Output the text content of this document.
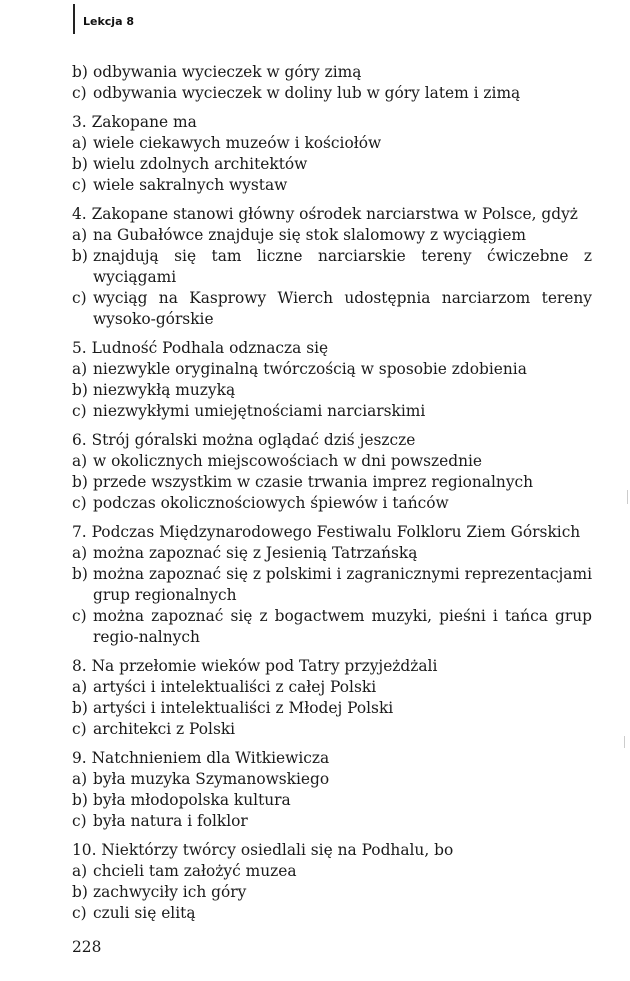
Lekcja 8
b) odbywania wycieczek w góry zimą
c) odbywania wycieczek w doliny lub w góry latem i zimą
3. Zakopane ma
a) wiele ciekawych muzeów i kościołów
b) wielu zdolnych architektów
c) wiele sakralnych wystaw
4. Zakopane stanowi główny ośrodek narciarstwa w Polsce, gdyż
a) na Gubałówce znajduje się stok slalomowy z wyciągiem
b) znajdują się tam liczne narciarskie tereny ćwiczebne z wyciągami
c) wyciąg na Kasprowy Wierch udostępnia narciarzom tereny wysoko-górskie
5. Ludność Podhala odznacza się
a) niezwykle oryginalną twórczością w sposobie zdobienia
b) niezwykłą muzyką
c) niezwykłymi umiejętnościami narciarskimi
6. Strój góralski można oglądać dziś jeszcze
a) w okolicznych miejscowościach w dni powszednie
b) przede wszystkim w czasie trwania imprez regionalnych
c) podczas okolicznościowych śpiewów i tańców
7. Podczas Międzynarodowego Festiwalu Folkloru Ziem Górskich
a) można zapoznać się z Jesienią Tatrzańską
b) można zapoznać się z polskimi i zagranicznymi reprezentacjami grup regionalnych
c) można zapoznać się z bogactwem muzyki, pieśni i tańca grup regio-nalnych
8. Na przełomie wieków pod Tatry przyjeżdżali
a) artyści i intelektualiści z całej Polski
b) artyści i intelektualiści z Młodej Polski
c) architekci z Polski
9. Natchnieniem dla Witkiewicza
a) była muzyka Szymanowskiego
b) była młodopolska kultura
c) była natura i folklor
10. Niektórzy twórcy osiedlali się na Podhalu, bo
a) chcieli tam założyć muzea
b) zachwyciły ich góry
c) czuli się elitą
228
